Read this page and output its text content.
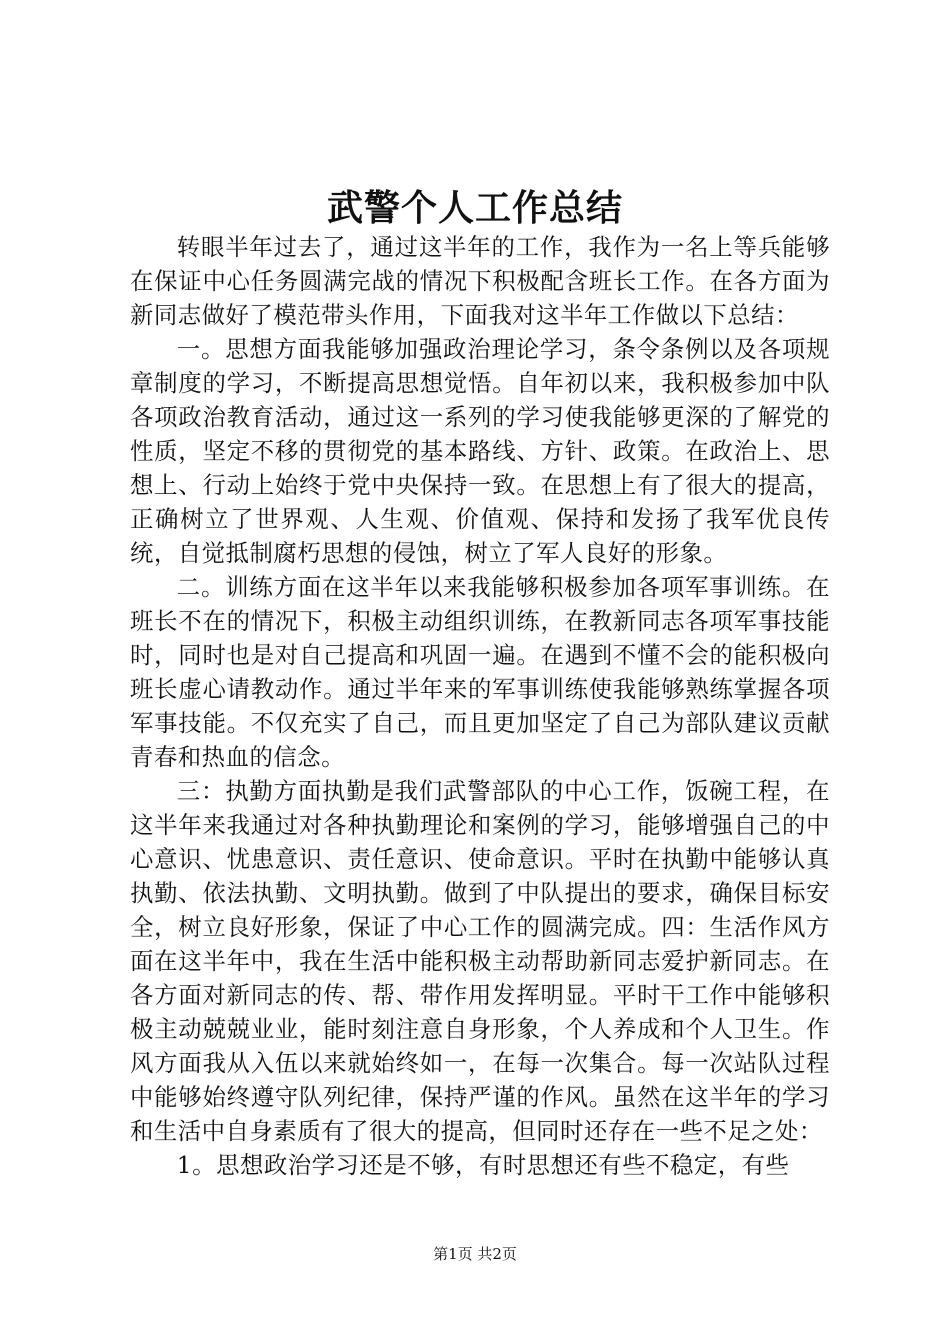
武警个人工作总结

转眼半年过去了，通过这半年的工作，我作为一名上等兵能够在保证中心任务圆满完战的情况下积极配含班长工作。在各方面为新同志做好了模范带头作用，下面我对这半年工作做以下总结：

一。思想方面我能够加强政治理论学习，条令条例以及各项规章制度的学习，不断提高思想觉悟。自年初以来，我积极参加中队各项政治教育活动，通过这一系列的学习使我能够更深的了解党的性质，坚定不移的贯彻党的基本路线、方针、政策。在政治上、思想上、行动上始终于党中央保持一致。在思想上有了很大的提高，正确树立了世界观、人生观、价值观、保持和发扬了我军优良传统，自觉抵制腐朽思想的侵蚀，树立了军人良好的形象。

二。训练方面在这半年以来我能够积极参加各项军事训练。在班长不在的情况下，积极主动组织训练，在教新同志各项军事技能时，同时也是对自己提高和巩固一遍。在遇到不懂不会的能积极向班长虚心请教动作。通过半年来的军事训练使我能够熟练掌握各项军事技能。不仅充实了自己，而且更加坚定了自己为部队建议贡献青春和热血的信念。

三：执勤方面执勤是我们武警部队的中心工作，饭碗工程，在这半年来我通过对各种执勤理论和案例的学习，能够增强自己的中心意识、忧患意识、责任意识、使命意识。平时在执勤中能够认真执勤、依法执勤、文明执勤。做到了中队提出的要求，确保目标安全，树立良好形象，保证了中心工作的圆满完成。四：生活作风方面在这半年中，我在生活中能积极主动帮助新同志爱护新同志。在各方面对新同志的传、帮、带作用发挥明显。平时干工作中能够积极主动兢兢业业，能时刻注意自身形象，个人养成和个人卫生。作风方面我从入伍以来就始终如一，在每一次集合。每一次站队过程中能够始终遵守队列纪律，保持严谨的作风。虽然在这半年的学习和生活中自身素质有了很大的提高，但同时还存在一些不足之处：

1。思想政治学习还是不够，有时思想还有些不稳定，有些

第1页 共2页
